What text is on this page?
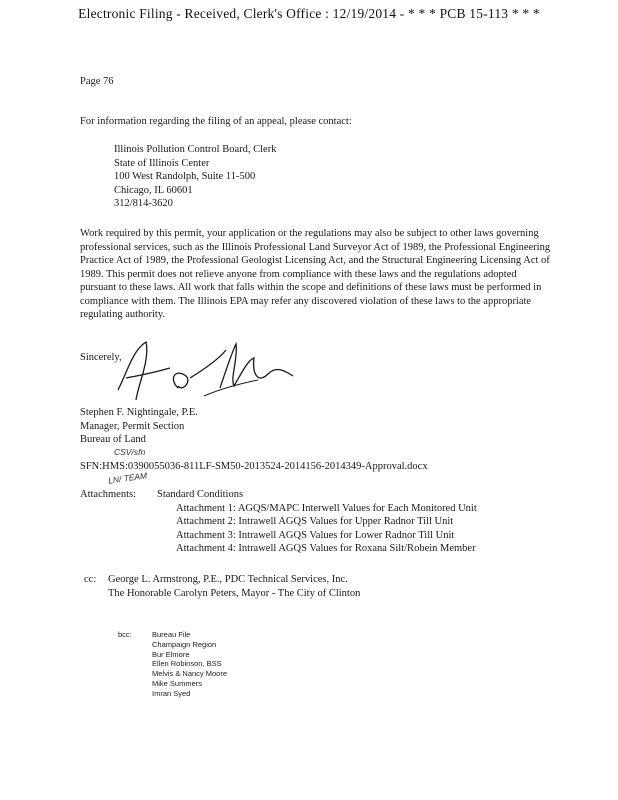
Electronic Filing - Received, Clerk's Office : 12/19/2014 - * * * PCB 15-113 * * *
Page 76
For information regarding the filing of an appeal, please contact:
Illinois Pollution Control Board, Clerk
State of Illinois Center
100 West Randolph, Suite 11-500
Chicago, IL 60601
312/814-3620
Work required by this permit, your application or the regulations may also be subject to other laws governing professional services, such as the Illinois Professional Land Surveyor Act of 1989, the Professional Engineering Practice Act of 1989, the Professional Geologist Licensing Act, and the Structural Engineering Licensing Act of 1989. This permit does not relieve anyone from compliance with these laws and the regulations adopted pursuant to these laws. All work that falls within the scope and definitions of these laws must be performed in compliance with them. The Illinois EPA may refer any discovered violation of these laws to the appropriate regulating authority.
Sincerely,
Stephen F. Nightingale, P.E.
Manager, Permit Section
Bureau of Land
CSV/sfn
LN/ TEAM
SFN:HMS:0390055036-811LF-SM50-2013524-2014156-2014349-Approval.docx
Attachments:	Standard Conditions
Attachment 1: AGQS/MAPC Interwell Values for Each Monitored Unit
Attachment 2: Intrawell AGQS Values for Upper Radnor Till Unit
Attachment 3: Intrawell AGQS Values for Lower Radnor Till Unit
Attachment 4: Intrawell AGQS Values for Roxana Silt/Robein Member
cc:	George L. Armstrong, P.E., PDC Technical Services, Inc.
The Honorable Carolyn Peters, Mayor - The City of Clinton
bcc:	Bureau File
Champaign Region
Bur Elmore
Ellen Robinson, BSS
Melvis & Nancy Moore
Mike Summers
Imran Syed
